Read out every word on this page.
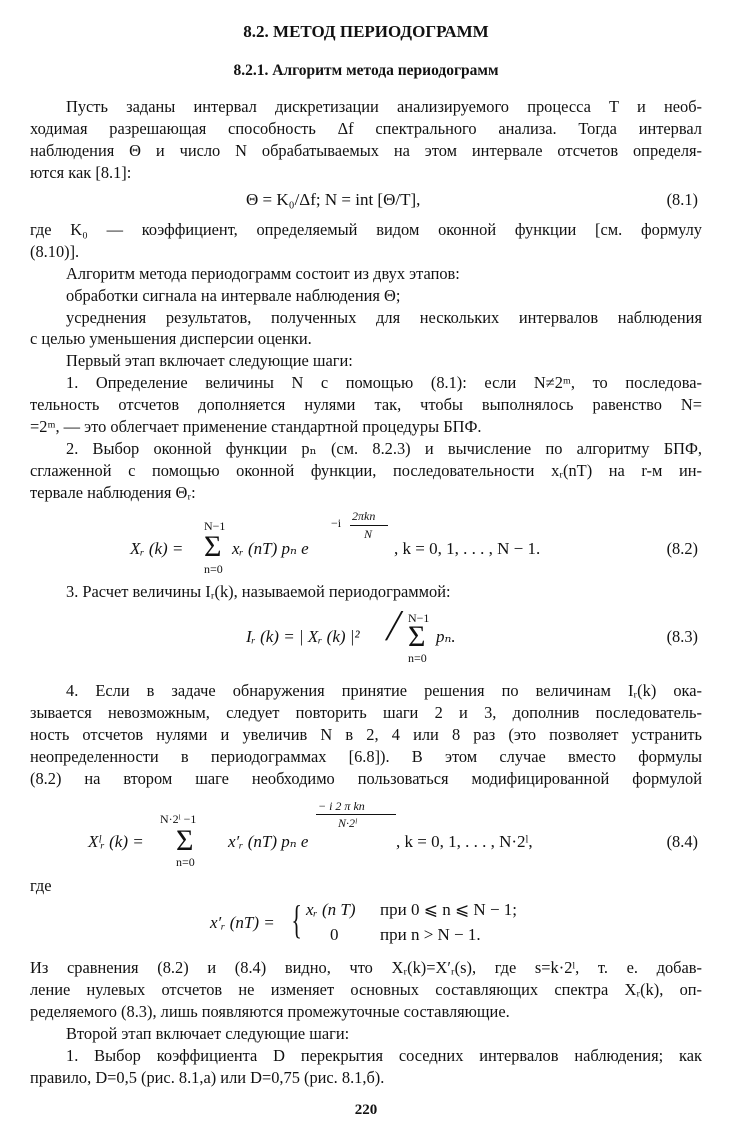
8.2. МЕТОД ПЕРИОДОГРАММ
8.2.1. Алгоритм метода периодограмм
Пусть заданы интервал дискретизации анализируемого процесса T и необ-
ходимая разрешающая способность Δf спектрального анализа. Тогда интервал
наблюдения Θ и число N обрабатываемых на этом интервале отсчетов определя-
ются как [8.1]:
Θ = K₀/Δf; N = int [Θ/T],	(8.1)
где K₀ — коэффициент, определяемый видом оконной функции [см. формулу
(8.10)].
Алгоритм метода периодограмм состоит из двух этапов:
обработки сигнала на интервале наблюдения Θ;
усреднения результатов, полученных для нескольких интервалов наблюдения
с целью уменьшения дисперсии оценки.
Первый этап включает следующие шаги:
1. Определение величины N с помощью (8.1): если N≠2ᵐ, то последова-
тельность отсчетов дополняется нулями так, чтобы выполнялось равенство N=
=2ᵐ, — это облегчает применение стандартной процедуры БПФ.
2. Выбор оконной функции pₙ (см. 8.2.3) и вычисление по алгоритму БПФ,
сглаженной с помощью оконной функции, последовательности xᵣ(nT) на r-м ин-
тервале наблюдения Θᵣ:
Xᵣ (k) =
N−1
Σ
n=0
xᵣ (nT) pₙ e
−i 2πkn
N
, k = 0, 1, . . . , N − 1.	(8.2)
3. Расчет величины Iᵣ(k), называемой периодограммой:
Iᵣ (k) = | Xᵣ (k) |² / N−1
Σ
n=0
pₙ.	(8.3)
4. Если в задаче обнаружения принятие решения по величинам Iᵣ(k) ока-
зывается невозможным, следует повторить шаги 2 и 3, дополнив последователь-
ность отсчетов нулями и увеличив N в 2, 4 или 8 раз (это позволяет устранить
неопределенности в периодограммах [6.8]). В этом случае вместо формулы
(8.2) на втором шаге необходимо пользоваться модифицированной формулой
Xˡᵣ (k) =
N·2ˡ −1
Σ
n=0
x′ᵣ (nT) pₙ e
− i 2 π kn
N·2ˡ
, k = 0, 1, . . . , N·2ˡ,	(8.4)
где
x′ᵣ (nT) = { xᵣ (n T) при 0 ⩽ n ⩽ N − 1;
0 при n > N − 1.
Из сравнения (8.2) и (8.4) видно, что Xᵣ(k)=X′ᵣ(s), где s=k·2ˡ, т. е. добав-
ление нулевых отсчетов не изменяет основных составляющих спектра Xᵣ(k), оп-
ределяемого (8.3), лишь появляются промежуточные составляющие.
Второй этап включает следующие шаги:
1. Выбор коэффициента D перекрытия соседних интервалов наблюдения; как
правило, D=0,5 (рис. 8.1,а) или D=0,75 (рис. 8.1,б).
220
